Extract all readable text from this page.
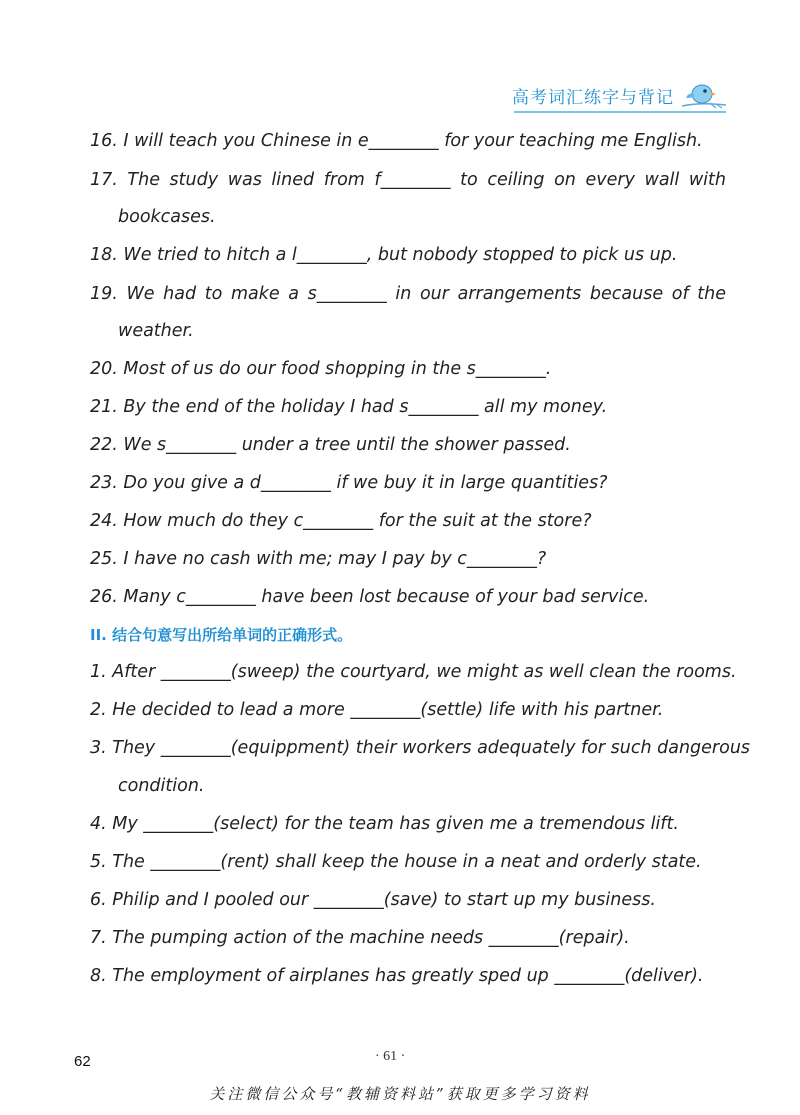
高考词汇练字与背记
16. I will teach you Chinese in e________ for your teaching me English.
17. The study was lined from f________ to ceiling on every wall with
bookcases.
18. We tried to hitch a l________, but nobody stopped to pick us up.
19. We had to make a s________ in our arrangements because of the
weather.
20. Most of us do our food shopping in the s________.
21. By the end of the holiday I had s________ all my money.
22. We s________ under a tree until the shower passed.
23. Do you give a d________ if we buy it in large quantities?
24. How much do they c________ for the suit at the store?
25. I have no cash with me; may I pay by c________?
26. Many c________ have been lost because of your bad service.
II. 结合句意写出所给单词的正确形式。
1. After ________(sweep) the courtyard, we might as well clean the rooms.
2. He decided to lead a more ________(settle) life with his partner.
3. They ________(equippment) their workers adequately for such dangerous
condition.
4. My ________(select) for the team has given me a tremendous lift.
5. The ________(rent) shall keep the house in a neat and orderly state.
6. Philip and I pooled our ________(save) to start up my business.
7. The pumping action of the machine needs ________(repair).
8. The employment of airplanes has greatly sped up ________(deliver).
62	· 61 ·
关注微信公众号“教辅资料站”获取更多学习资料
